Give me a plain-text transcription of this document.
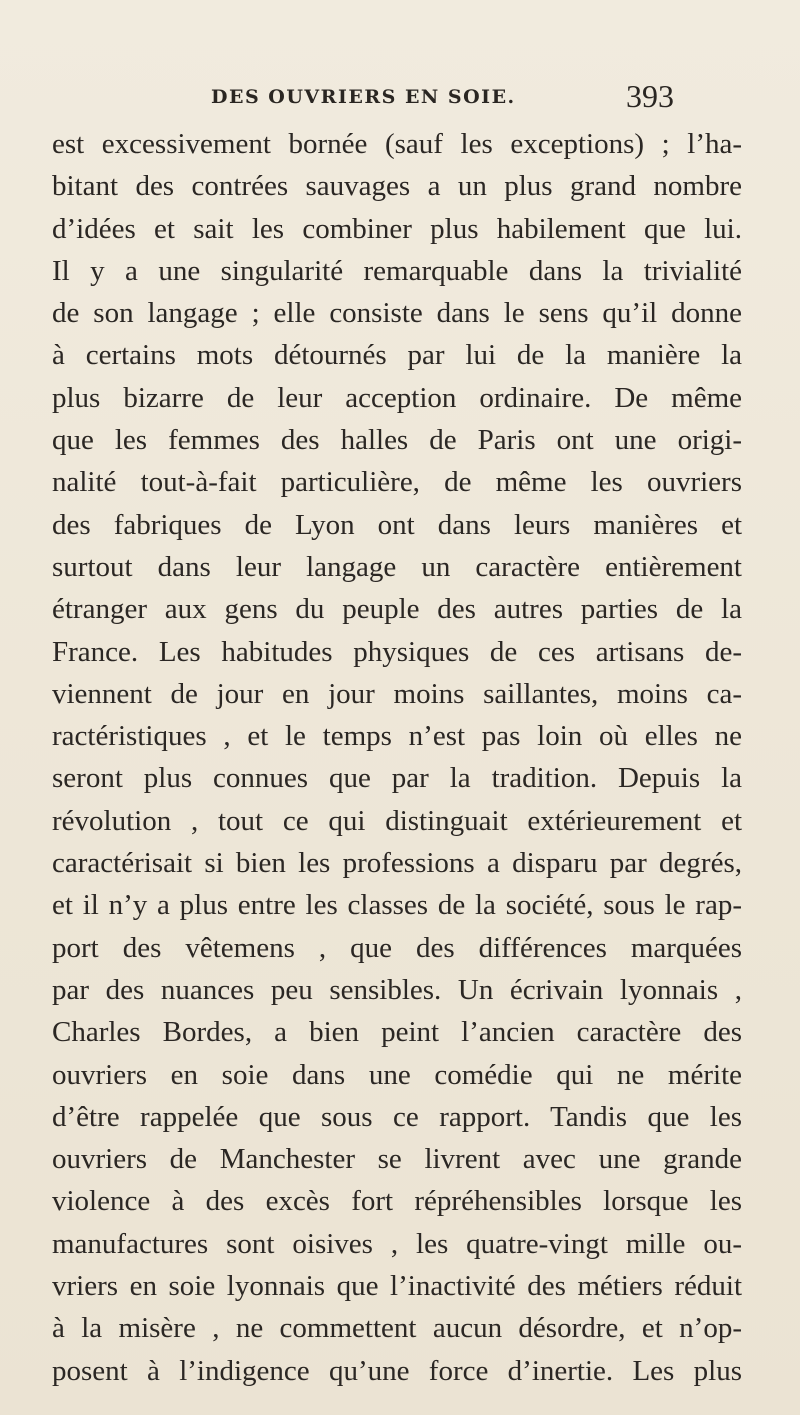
DES OUVRIERS EN SOIE.	393
est excessivement bornée (sauf les exceptions) ; l’ha-
bitant des contrées sauvages a un plus grand nombre
d’idées et sait les combiner plus habilement que lui.
Il y a une singularité remarquable dans la trivialité
de son langage ; elle consiste dans le sens qu’il donne
à certains mots détournés par lui de la manière la
plus bizarre de leur acception ordinaire. De même
que les femmes des halles de Paris ont une origi-
nalité tout-à-fait particulière, de même les ouvriers
des fabriques de Lyon ont dans leurs manières et
surtout dans leur langage un caractère entièrement
étranger aux gens du peuple des autres parties de la
France. Les habitudes physiques de ces artisans de-
viennent de jour en jour moins saillantes, moins ca-
ractéristiques , et le temps n’est pas loin où elles ne
seront plus connues que par la tradition. Depuis la
révolution , tout ce qui distinguait extérieurement et
caractérisait si bien les professions a disparu par degrés,
et il n’y a plus entre les classes de la société, sous le rap-
port des vêtemens , que des différences marquées
par des nuances peu sensibles. Un écrivain lyonnais ,
Charles Bordes, a bien peint l’ancien caractère des
ouvriers en soie dans une comédie qui ne mérite
d’être rappelée que sous ce rapport. Tandis que les
ouvriers de Manchester se livrent avec une grande
violence à des excès fort répréhensibles lorsque les
manufactures sont oisives , les quatre-vingt mille ou-
vriers en soie lyonnais que l’inactivité des métiers réduit
à la misère , ne commettent aucun désordre, et n’op-
posent à l’indigence qu’une force d’inertie. Les plus
